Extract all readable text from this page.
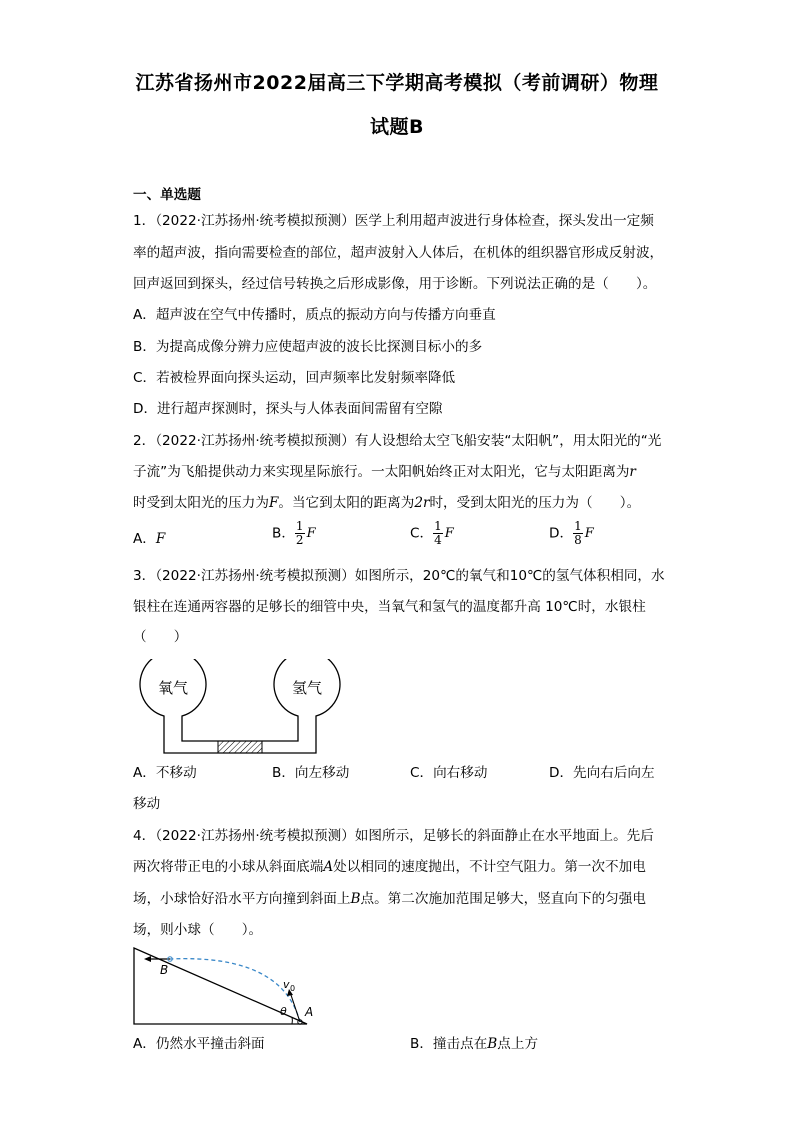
江苏省扬州市2022届高三下学期高考模拟（考前调研）物理
试题B
一、单选题
1．（2022·江苏扬州·统考模拟预测）医学上利用超声波进行身体检查，探头发出一定频
率的超声波，指向需要检查的部位，超声波射入人体后，在机体的组织器官形成反射波，
回声返回到探头，经过信号转换之后形成影像，用于诊断。下列说法正确的是（　　）。
A．超声波在空气中传播时，质点的振动方向与传播方向垂直
B．为提高成像分辨力应使超声波的波长比探测目标小的多
C．若被检界面向探头运动，回声频率比发射频率降低
D．进行超声探测时，探头与人体表面间需留有空隙
2．（2022·江苏扬州·统考模拟预测）有人设想给太空飞船安装“太阳帆”，用太阳光的“光
子流”为飞船提供动力来实现星际旅行。一太阳帆始终正对太阳光，它与太阳距离为r
时受到太阳光的压力为F。当它到太阳的距离为2r时，受到太阳光的压力为（　　）。
A．F	B． $\frac{1}{2}$ F	C． $\frac{1}{4}$ F	D． $\frac{1}{8}$ F
3．（2022·江苏扬州·统考模拟预测）如图所示，20℃的氧气和10℃的氢气体积相同，水
银柱在连通两容器的足够长的细管中央，当氧气和氢气的温度都升高 10℃时，水银柱
（　　）
氧气	氢气
A．不移动	B．向左移动	C．向右移动	D．先向右后向左
移动
4．（2022·江苏扬州·统考模拟预测）如图所示，足够长的斜面静止在水平地面上。先后
两次将带正电的小球从斜面底端A处以相同的速度抛出，不计空气阻力。第一次不加电
场，小球恰好沿水平方向撞到斜面上B点。第二次施加范围足够大，竖直向下的匀强电
场，则小球（　　）。
B
v 0
θ A
A．仍然水平撞击斜面	B．撞击点在B点上方
